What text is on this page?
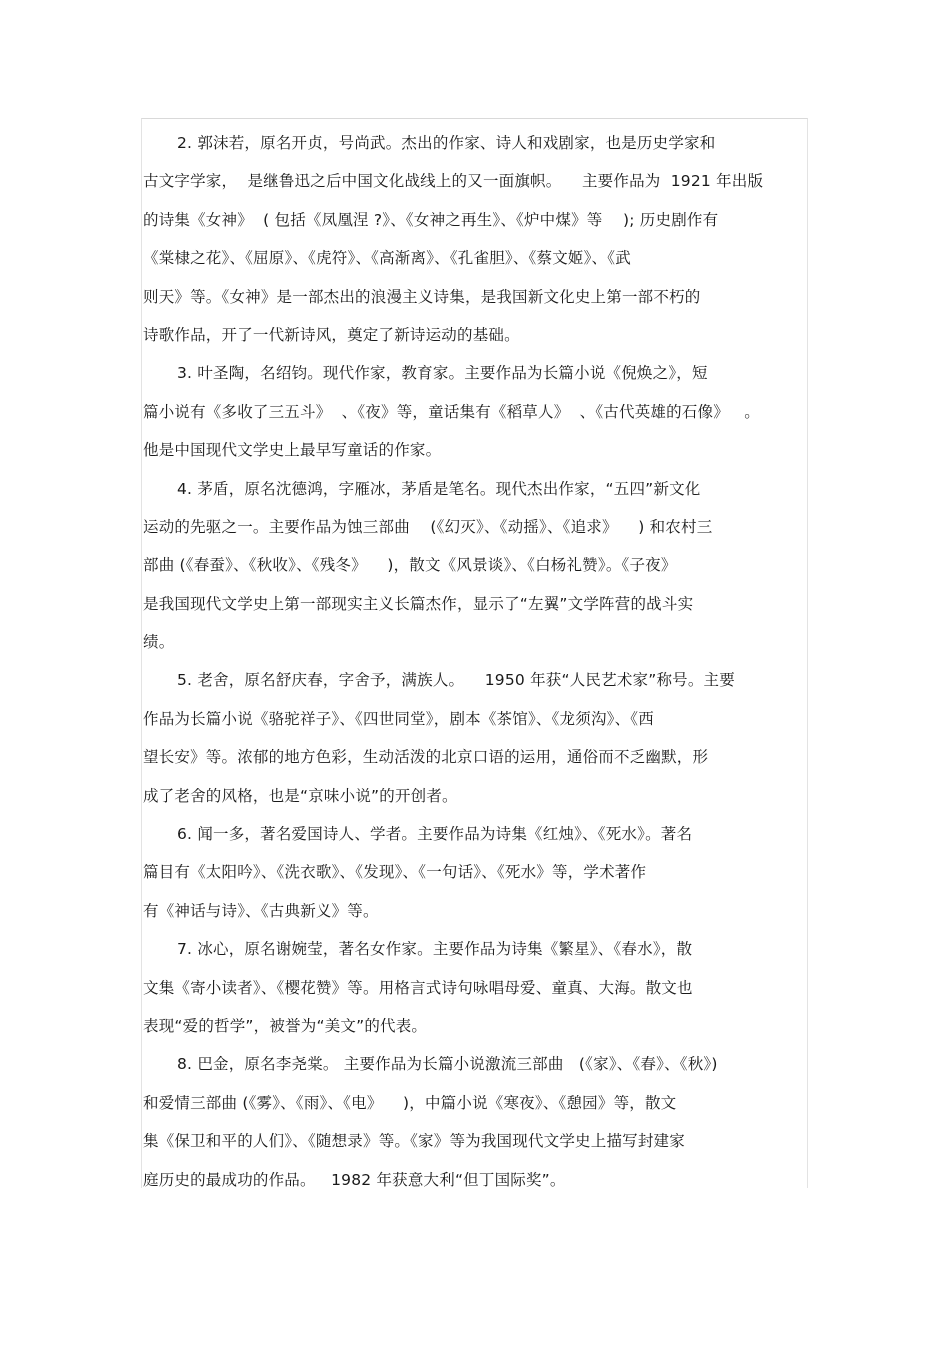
2. 郭沫若，原名开贞，号尚武。杰出的作家、诗人和戏剧家，也是历史学家和
古文字学家，  是继鲁迅之后中国文化战线上的又一面旗帜。    主要作品为  1921 年出版
的诗集《女神》  ( 包括《凤凰涅 ?》、《女神之再生》、《炉中煤》等    ); 历史剧作有
《棠棣之花》、《屈原》、《虎符》、《高渐离》、《孔雀胆》、《蔡文姬》、《武
则天》等。《女神》是一部杰出的浪漫主义诗集，是我国新文化史上第一部不朽的
诗歌作品，开了一代新诗风，奠定了新诗运动的基础。
3. 叶圣陶，名绍钧。现代作家，教育家。主要作品为长篇小说《倪焕之》，短
篇小说有《多收了三五斗》  、《夜》等，童话集有《稻草人》  、《古代英雄的石像》   。
他是中国现代文学史上最早写童话的作家。
4. 茅盾，原名沈德鸿，字雁冰，茅盾是笔名。现代杰出作家，“五四”新文化
运动的先驱之一。主要作品为蚀三部曲    (《幻灭》、《动摇》、《追求》    ) 和农村三
部曲 (《春蚕》、《秋收》、《残冬》    )，散文《风景谈》、《白杨礼赞》。《子夜》
是我国现代文学史上第一部现实主义长篇杰作，显示了“左翼”文学阵营的战斗实
绩。
5. 老舍，原名舒庆春，字舍予，满族人。    1950 年获“人民艺术家”称号。主要
作品为长篇小说《骆驼祥子》、《四世同堂》，剧本《茶馆》、《龙须沟》、《西
望长安》等。浓郁的地方色彩，生动活泼的北京口语的运用，通俗而不乏幽默，形
成了老舍的风格，也是“京味小说”的开创者。
6. 闻一多，著名爱国诗人、学者。主要作品为诗集《红烛》、《死水》。著名
篇目有《太阳吟》、《洗衣歌》、《发现》、《一句话》、《死水》等，学术著作
有《神话与诗》、《古典新义》等。
7. 冰心，原名谢婉莹，著名女作家。主要作品为诗集《繁星》、《春水》，散
文集《寄小读者》、《樱花赞》等。用格言式诗句咏唱母爱、童真、大海。散文也
表现“爱的哲学”，被誉为“美文”的代表。
8. 巴金，原名李尧棠。 主要作品为长篇小说激流三部曲   (《家》、《春》、《秋》)
和爱情三部曲 (《雾》、《雨》、《电》    )，中篇小说《寒夜》、《憩园》等，散文
集《保卫和平的人们》、《随想录》等。《家》等为我国现代文学史上描写封建家
庭历史的最成功的作品。   1982 年获意大利“但丁国际奖”。
